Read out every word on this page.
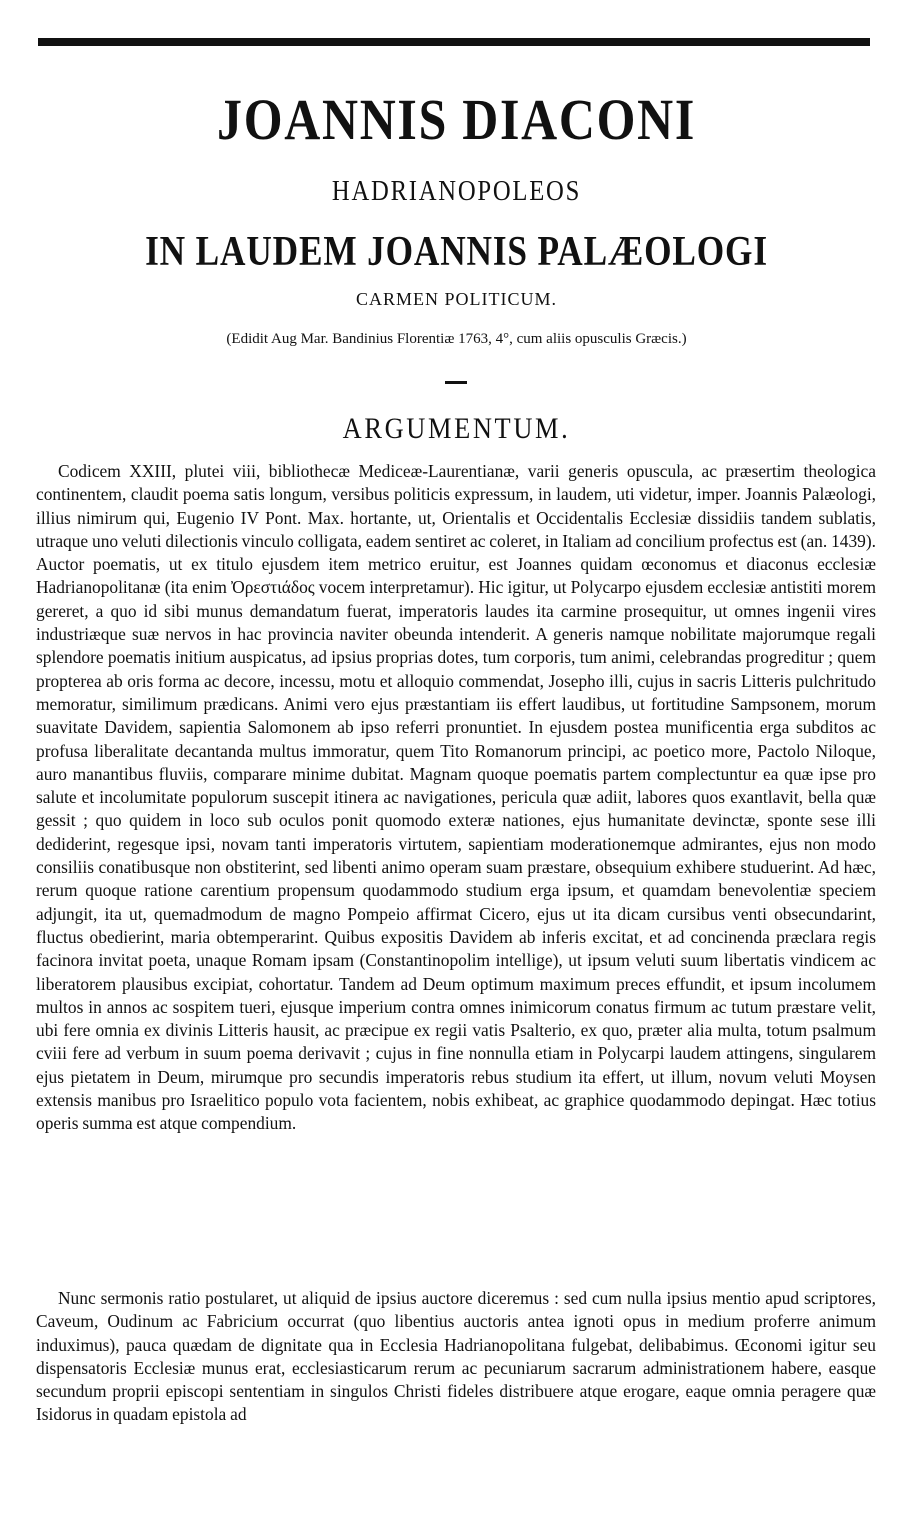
JOANNIS DIACONI
HADRIANOPOLEOS
IN LAUDEM JOANNIS PALÆOLOGI
CARMEN POLITICUM.
(Edidit Aug Mar. Bandinius Florentiæ 1763, 4°, cum aliis opusculis Græcis.)
ARGUMENTUM.
Codicem XXIII, plutei viii, bibliothecæ Mediceæ-Laurentianæ, varii generis opuscula, ac præsertim theologica continentem, claudit poema satis longum, versibus politicis expressum, in laudem, uti videtur, imper. Joannis Palæologi, illius nimirum qui, Eugenio IV Pont. Max. hortante, ut, Orientalis et Occidentalis Ecclesiæ dissidiis tandem sublatis, utraque uno veluti dilectionis vinculo colligata, eadem sentiret ac coleret, in Italiam ad concilium profectus est (an. 1439). Auctor poematis, ut ex titulo ejusdem item metrico eruitur, est Joannes quidam œconomus et diaconus ecclesiæ Hadrianopolitanæ (ita enim Ὀρεστιάδος vocem interpretamur). Hic igitur, ut Polycarpo ejusdem ecclesiæ antistiti morem gereret, a quo id sibi munus demandatum fuerat, imperatoris laudes ita carmine prosequitur, ut omnes ingenii vires industriæque suæ nervos in hac provincia naviter obeunda intenderit. A generis namque nobilitate majorumque regali splendore poematis initium auspicatus, ad ipsius proprias dotes, tum corporis, tum animi, celebrandas progreditur ; quem propterea ab oris forma ac decore, incessu, motu et alloquio commendat, Josepho illi, cujus in sacris Litteris pulchritudo memoratur, similimum prædicans. Animi vero ejus præstantiam iis effert laudibus, ut fortitudine Sampsonem, morum suavitate Davidem, sapientia Salomonem ab ipso referri pronuntiet. In ejusdem postea munificentia erga subditos ac profusa liberalitate decantanda multus immoratur, quem Tito Romanorum principi, ac poetico more, Pactolo Niloque, auro manantibus fluviis, comparare minime dubitat. Magnam quoque poematis partem complectuntur ea quæ ipse pro salute et incolumitate populorum suscepit itinera ac navigationes, pericula quæ adiit, labores quos exantlavit, bella quæ gessit ; quo quidem in loco sub oculos ponit quomodo exteræ nationes, ejus humanitate devinctæ, sponte sese illi dediderint, regesque ipsi, novam tanti imperatoris virtutem, sapientiam moderationemque admirantes, ejus non modo consiliis conatibusque non obstiterint, sed libenti animo operam suam præstare, obsequium exhibere studuerint. Ad hæc, rerum quoque ratione carentium propensum quodammodo studium erga ipsum, et quamdam benevolentiæ speciem adjungit, ita ut, quemadmodum de magno Pompeio affirmat Cicero, ejus ut ita dicam cursibus venti obsecundarint, fluctus obedierint, maria obtemperarint. Quibus expositis Davidem ab inferis excitat, et ad concinenda præclara regis facinora invitat poeta, unaque Romam ipsam (Constantinopolim intellige), ut ipsum veluti suum libertatis vindicem ac liberatorem plausibus excipiat, cohortatur. Tandem ad Deum optimum maximum preces effundit, et ipsum incolumem multos in annos ac sospitem tueri, ejusque imperium contra omnes inimicorum conatus firmum ac tutum præstare velit, ubi fere omnia ex divinis Litteris hausit, ac præcipue ex regii vatis Psalterio, ex quo, præter alia multa, totum psalmum cviii fere ad verbum in suum poema derivavit ; cujus in fine nonnulla etiam in Polycarpi laudem attingens, singularem ejus pietatem in Deum, mirumque pro secundis imperatoris rebus studium ita effert, ut illum, novum veluti Moysen extensis manibus pro Israelitico populo vota facientem, nobis exhibeat, ac graphice quodammodo depingat. Hæc totius operis summa est atque compendium.
Nunc sermonis ratio postularet, ut aliquid de ipsius auctore diceremus : sed cum nulla ipsius mentio apud scriptores, Caveum, Oudinum ac Fabricium occurrat (quo libentius auctoris antea ignoti opus in medium proferre animum induximus), pauca quædam de dignitate qua in Ecclesia Hadrianopolitana fulgebat, delibabimus. Œconomi igitur seu dispensatoris Ecclesiæ munus erat, ecclesiasticarum rerum ac pecuniarum sacrarum administrationem habere, easque secundum proprii episcopi sententiam in singulos Christi fideles distribuere atque erogare, eaque omnia peragere quæ Isidorus in quadam epistola ad
